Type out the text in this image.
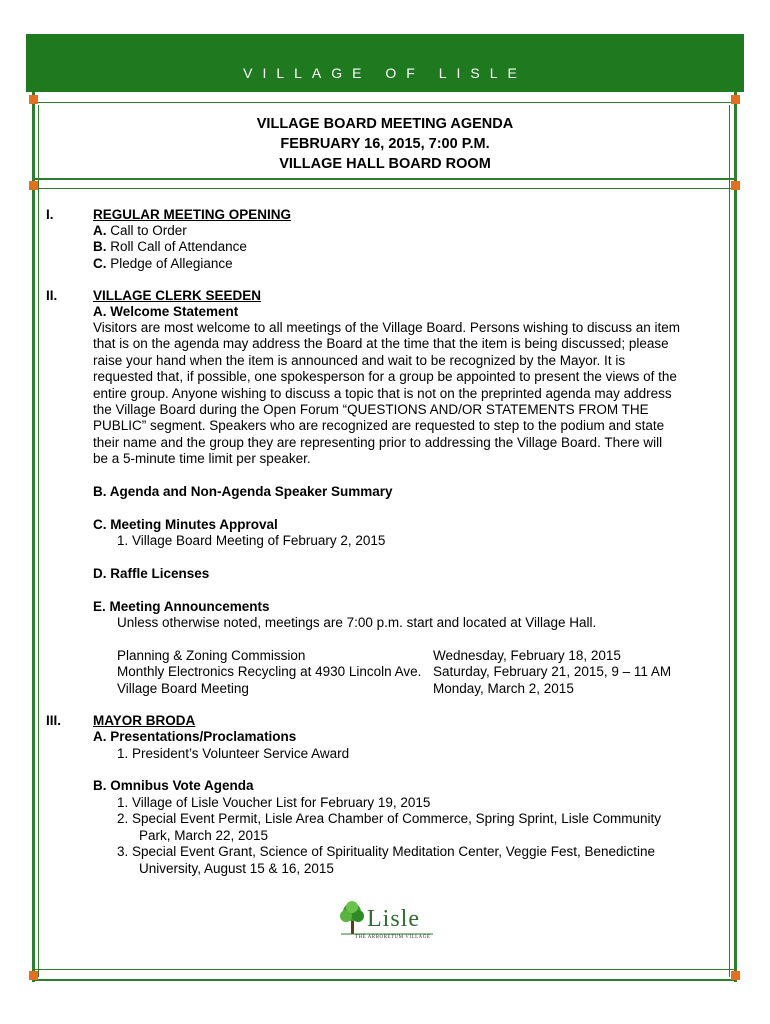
VILLAGE OF LISLE
VILLAGE BOARD MEETING AGENDA
FEBRUARY 16, 2015, 7:00 P.M.
VILLAGE HALL BOARD ROOM
I.	REGULAR MEETING OPENING
A. Call to Order
B. Roll Call of Attendance
C. Pledge of Allegiance
II.	VILLAGE CLERK SEEDEN
A. Welcome Statement
Visitors are most welcome to all meetings of the Village Board. Persons wishing to discuss an item
that is on the agenda may address the Board at the time that the item is being discussed; please
raise your hand when the item is announced and wait to be recognized by the Mayor. It is
requested that, if possible, one spokesperson for a group be appointed to present the views of the
entire group. Anyone wishing to discuss a topic that is not on the preprinted agenda may address
the Village Board during the Open Forum “QUESTIONS AND/OR STATEMENTS FROM THE
PUBLIC” segment. Speakers who are recognized are requested to step to the podium and state
their name and the group they are representing prior to addressing the Village Board. There will
be a 5-minute time limit per speaker.
B. Agenda and Non-Agenda Speaker Summary
C. Meeting Minutes Approval
1. Village Board Meeting of February 2, 2015
D. Raffle Licenses
E. Meeting Announcements
Unless otherwise noted, meetings are 7:00 p.m. start and located at Village Hall.
Planning & Zoning Commission	Wednesday, February 18, 2015
Monthly Electronics Recycling at 4930 Lincoln Ave. Saturday, February 21, 2015, 9 – 11 AM
Village Board Meeting	Monday, March 2, 2015
III. MAYOR BRODA
A. Presentations/Proclamations
1. President’s Volunteer Service Award
B. Omnibus Vote Agenda
1. Village of Lisle Voucher List for February 19, 2015
2. Special Event Permit, Lisle Area Chamber of Commerce, Spring Sprint, Lisle Community
Park, March 22, 2015
3. Special Event Grant, Science of Spirituality Meditation Center, Veggie Fest, Benedictine
University, August 15 & 16, 2015
Lisle
THE ARBORETUM VILLAGE
